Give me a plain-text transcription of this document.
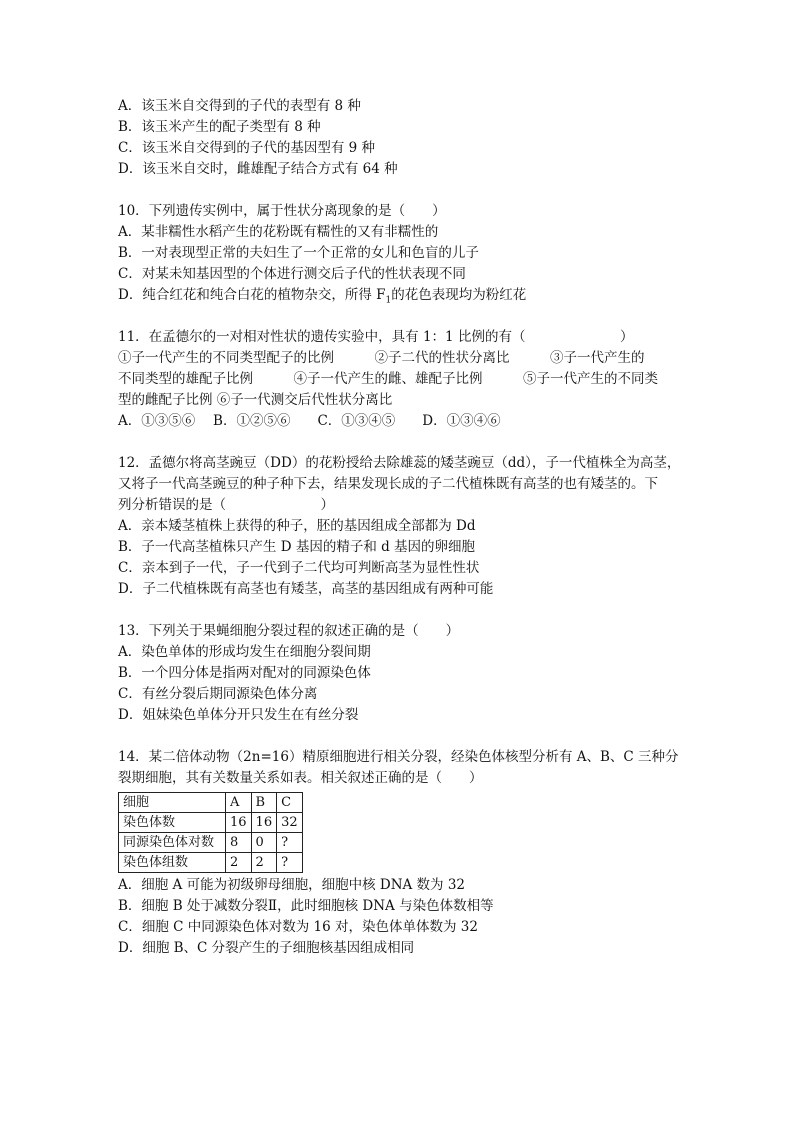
A．该玉米自交得到的子代的表型有 8 种
B．该玉米产生的配子类型有 8 种
C．该玉米自交得到的子代的基因型有 9 种
D．该玉米自交时，雌雄配子结合方式有 64 种
10．下列遗传实例中，属于性状分离现象的是（　　）
A．某非糯性水稻产生的花粉既有糯性的又有非糯性的
B．一对表现型正常的夫妇生了一个正常的女儿和色盲的儿子
C．对某未知基因型的个体进行测交后子代的性状表现不同
D．纯合红花和纯合白花的植物杂交，所得 $F_1$的花色表现均为粉红花
11．在孟德尔的一对相对性状的遗传实验中，具有 1：1 比例的有（　　　　　　　）
①子一代产生的不同类型配子的比例　　　②子二代的性状分离比　　　③子一代产生的
不同类型的雄配子比例　　　④子一代产生的雌、雄配子比例　　　⑤子一代产生的不同类
型的雌配子比例 ⑥子一代测交后代性状分离比
A．①③⑤⑥　 B．①②⑤⑥　　C．①③④⑤　　D．①③④⑥
12．孟德尔将高茎豌豆（DD）的花粉授给去除雄蕊的矮茎豌豆（dd），子一代植株全为高茎，
又将子一代高茎豌豆的种子种下去，结果发现长成的子二代植株既有高茎的也有矮茎的。下
列分析错误的是（　　　　　　　）
A．亲本矮茎植株上获得的种子，胚的基因组成全部都为 Dd
B．子一代高茎植株只产生 D 基因的精子和 d 基因的卵细胞
C．亲本到子一代，子一代到子二代均可判断高茎为显性性状
D．子二代植株既有高茎也有矮茎，高茎的基因组成有两种可能
13．下列关于果蝇细胞分裂过程的叙述正确的是（　　）
A．染色单体的形成均发生在细胞分裂间期
B．一个四分体是指两对配对的同源染色体
C．有丝分裂后期同源染色体分离
D．姐妹染色单体分开只发生在有丝分裂
14．某二倍体动物（2n=16）精原细胞进行相关分裂，经染色体核型分析有 A、B、C 三种分
裂期细胞，其有关数量关系如表。相关叙述正确的是（　　）
细胞	A	B	C
染色体数	16	16	32
同源染色体对数	8	0	?
染色体组数	2	2	?
A．细胞 A 可能为初级卵母细胞，细胞中核 DNA 数为 32
B．细胞 B 处于减数分裂Ⅱ，此时细胞核 DNA 与染色体数相等
C．细胞 C 中同源染色体对数为 16 对，染色体单体数为 32
D．细胞 B、C 分裂产生的子细胞核基因组成相同
